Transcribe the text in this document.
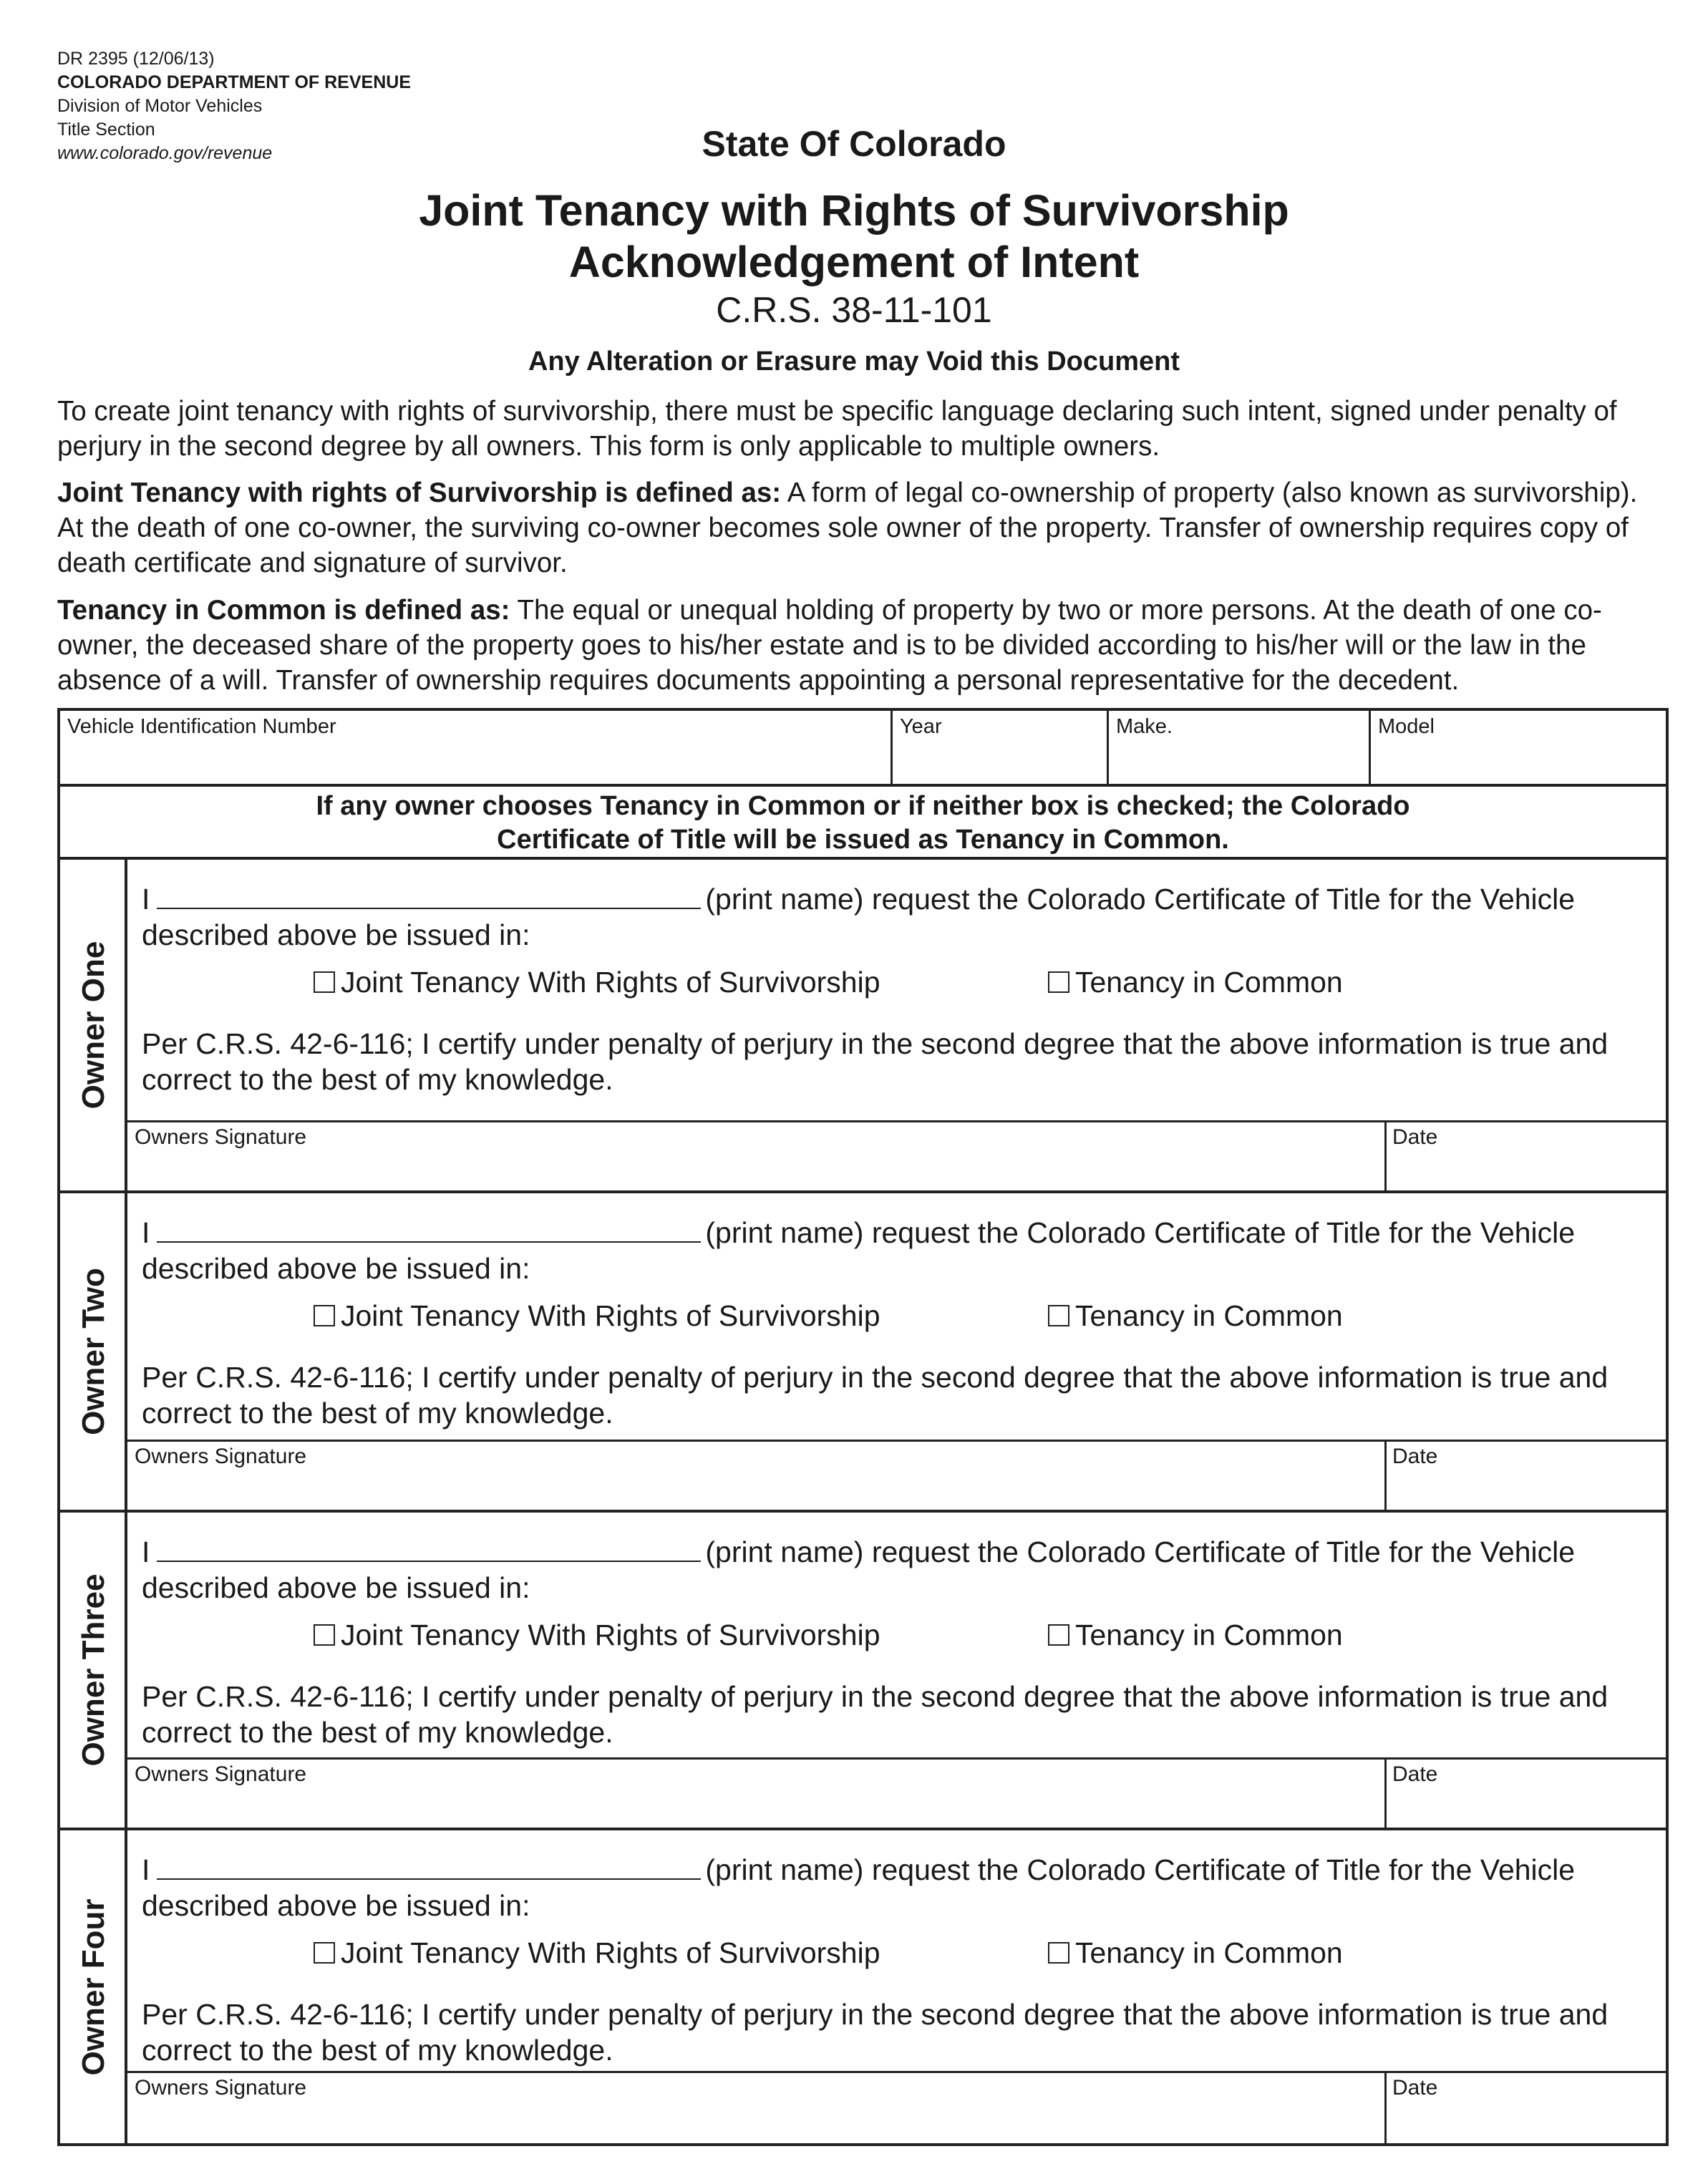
DR 2395 (12/06/13)
COLORADO DEPARTMENT OF REVENUE
Division of Motor Vehicles
Title Section
www.colorado.gov/revenue	State Of Colorado
Joint Tenancy with Rights of Survivorship
Acknowledgement of Intent
C.R.S. 38-11-101
Any Alteration or Erasure may Void this Document
To create joint tenancy with rights of survivorship, there must be specific language declaring such intent, signed under penalty of perjury in the second degree by all owners. This form is only applicable to multiple owners.
Joint Tenancy with rights of Survivorship is defined as: A form of legal co-ownership of property (also known as survivorship). At the death of one co-owner, the surviving co-owner becomes sole owner of the property. Transfer of ownership requires copy of death certificate and signature of survivor.
Tenancy in Common is defined as: The equal or unequal holding of property by two or more persons. At the death of one co-owner, the deceased share of the property goes to his/her estate and is to be divided according to his/her will or the law in the absence of a will. Transfer of ownership requires documents appointing a personal representative for the decedent.
Vehicle Identification Number	Year	Make.	Model
If any owner chooses Tenancy in Common or if neither box is checked; the Colorado
Certificate of Title will be issued as Tenancy in Common.
Owner One
I	(print name) request the Colorado Certificate of Title for the Vehicle
described above be issued in:
Joint Tenancy With Rights of Survivorship	Tenancy in Common
Per C.R.S. 42-6-116; I certify under penalty of perjury in the second degree that the above information is true and correct to the best of my knowledge.
Owners Signature	Date
Owner Two
I	(print name) request the Colorado Certificate of Title for the Vehicle
described above be issued in:
Joint Tenancy With Rights of Survivorship	Tenancy in Common
Per C.R.S. 42-6-116; I certify under penalty of perjury in the second degree that the above information is true and correct to the best of my knowledge.
Owners Signature	Date
Owner Three
I	(print name) request the Colorado Certificate of Title for the Vehicle
described above be issued in:
Joint Tenancy With Rights of Survivorship	Tenancy in Common
Per C.R.S. 42-6-116; I certify under penalty of perjury in the second degree that the above information is true and correct to the best of my knowledge.
Owners Signature	Date
Owner Four
I	(print name) request the Colorado Certificate of Title for the Vehicle
described above be issued in:
Joint Tenancy With Rights of Survivorship	Tenancy in Common
Per C.R.S. 42-6-116; I certify under penalty of perjury in the second degree that the above information is true and correct to the best of my knowledge.
Owners Signature	Date
